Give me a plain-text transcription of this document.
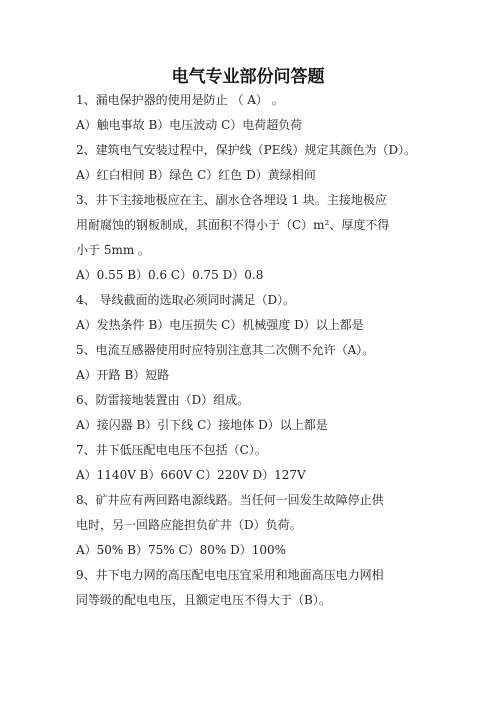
电气专业部份问答题
1、漏电保护器的使用是防止 （ A） 。
A）触电事故 B）电压波动 C）电荷超负荷
2、建筑电气安装过程中，保护线（PE线）规定其颜色为（D）。
A）红白相间 B）绿色 C）红色 D）黄绿相间
3、井下主接地极应在主、副水仓各埋设 1 块。主接地极应
用耐腐蚀的钢板制成，其面积不得小于（C）m²、厚度不得
小于 5mm 。
A）0.55 B）0.6 C）0.75 D）0.8
4、 导线截面的选取必须同时满足（D）。
A）发热条件 B）电压损失 C）机械强度 D）以上都是
5、电流互感器使用时应特别注意其二次侧不允许（A）。
A）开路 B）短路
6、防雷接地装置由（D）组成。
A）接闪器 B）引下线 C）接地体 D）以上都是
7、井下低压配电电压不包括（C）。
A）1140V B）660V C）220V D）127V
8、矿井应有两回路电源线路。当任何一回发生故障停止供
电时，另一回路应能担负矿井（D）负荷。
A）50% B）75% C）80% D）100%
9、井下电力网的高压配电电压宜采用和地面高压电力网相
同等级的配电电压，且额定电压不得大于（B）。
